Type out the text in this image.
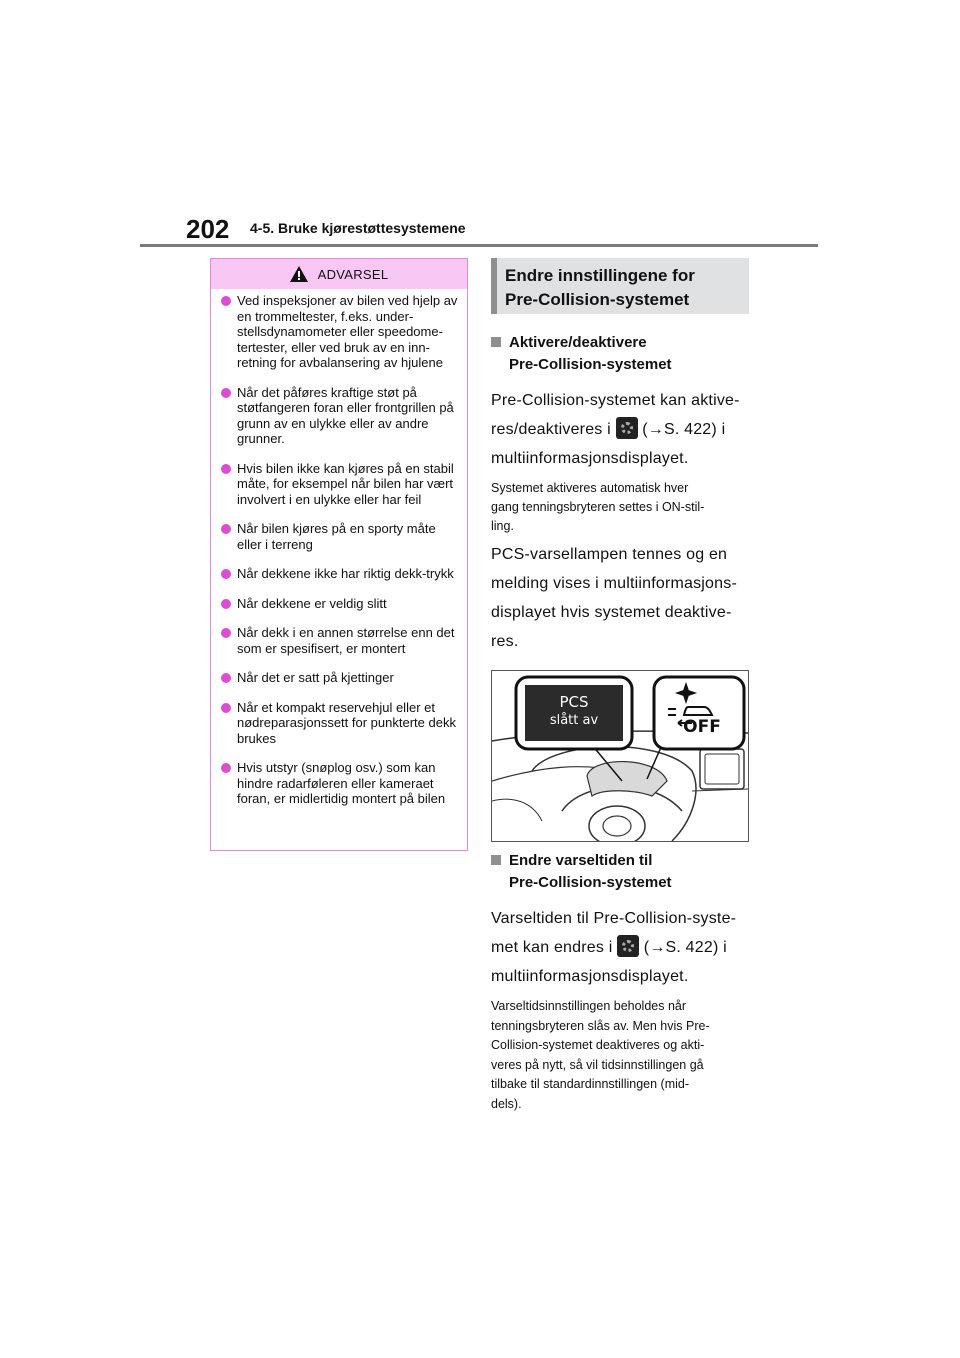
202 4-5. Bruke kjørestøttesystemene
ADVARSEL
Ved inspeksjoner av bilen ved hjelp av en trommeltester, f.eks. under-stellsdynamometer eller speedome-tertester, eller ved bruk av en inn-retning for avbalansering av hjulene
Når det påføres kraftige støt på støtfangeren foran eller frontgrillen på grunn av en ulykke eller av andre grunner.
Hvis bilen ikke kan kjøres på en stabil måte, for eksempel når bilen har vært involvert i en ulykke eller har feil
Når bilen kjøres på en sporty måte eller i terreng
Når dekkene ikke har riktig dekk-trykk
Når dekkene er veldig slitt
Når dekk i en annen størrelse enn det som er spesifisert, er montert
Når det er satt på kjettinger
Når et kompakt reservehjul eller et nødreparasjonssett for punkterte dekk brukes
Hvis utstyr (snøplog osv.) som kan hindre radarføleren eller kameraet foran, er midlertidig montert på bilen
Endre innstillingene for
Pre-Collision-systemet
Aktivere/deaktivere
Pre-Collision-systemet
Pre-Collision-systemet kan aktive-
res/deaktiveres i (→S. 422) i
multiinformasjonsdisplayet.
Systemet aktiveres automatisk hver
gang tenningsbryteren settes i ON-stil-
ling.
PCS-varsellampen tennes og en
melding vises i multiinformasjons-
displayet hvis systemet deaktive-
res.
PCS
slått av	OFF
Endre varseltiden til
Pre-Collision-systemet
Varseltiden til Pre-Collision-syste-
met kan endres i (→S. 422) i
multiinformasjonsdisplayet.
Varseltidsinnstillingen beholdes når
tenningsbryteren slås av. Men hvis Pre-
Collision-systemet deaktiveres og akti-
veres på nytt, så vil tidsinnstillingen gå
tilbake til standardinnstillingen (mid-
dels).
